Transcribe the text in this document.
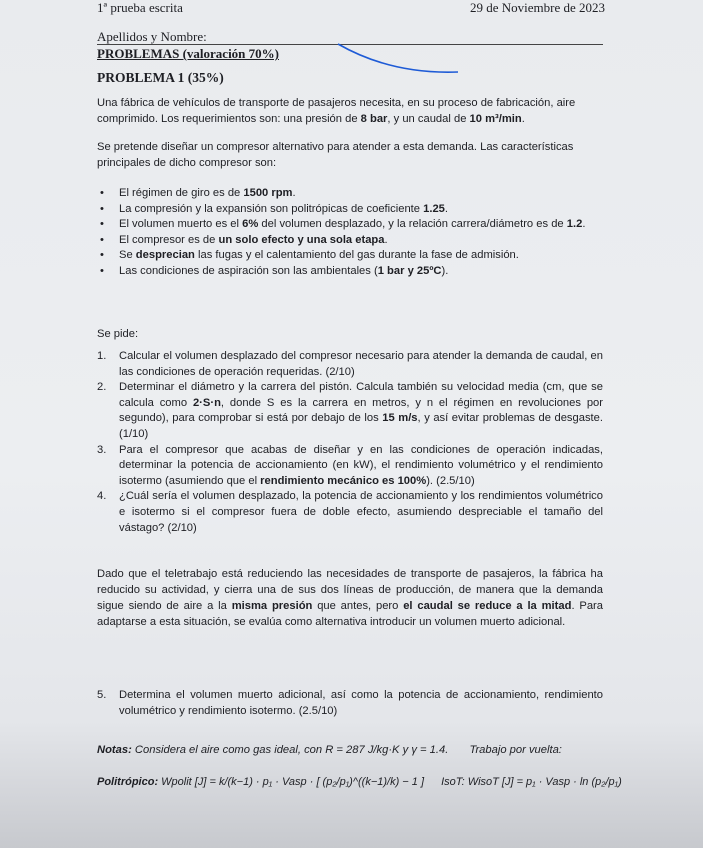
1ª prueba escrita	29 de Noviembre de 2023
Apellidos y Nombre:
PROBLEMAS (valoración 70%)
PROBLEMA 1 (35%)
Una fábrica de vehículos de transporte de pasajeros necesita, en su proceso de fabricación, aire comprimido. Los requerimientos son: una presión de 8 bar, y un caudal de 10 m³/min.
Se pretende diseñar un compresor alternativo para atender a esta demanda. Las características principales de dicho compresor son:
• El régimen de giro es de 1500 rpm.
• La compresión y la expansión son politrópicas de coeficiente 1.25.
• El volumen muerto es el 6% del volumen desplazado, y la relación carrera/diámetro es de 1.2.
• El compresor es de un solo efecto y una sola etapa.
• Se desprecian las fugas y el calentamiento del gas durante la fase de admisión.
• Las condiciones de aspiración son las ambientales (1 bar y 25ºC).
Se pide:
1. Calcular el volumen desplazado del compresor necesario para atender la demanda de caudal, en las condiciones de operación requeridas. (2/10)
2. Determinar el diámetro y la carrera del pistón. Calcula también su velocidad media (cm, que se calcula como 2·S·n, donde S es la carrera en metros, y n el régimen en revoluciones por segundo), para comprobar si está por debajo de los 15 m/s, y así evitar problemas de desgaste. (1/10)
3. Para el compresor que acabas de diseñar y en las condiciones de operación indicadas, determinar la potencia de accionamiento (en kW), el rendimiento volumétrico y el rendimiento isotermo (asumiendo que el rendimiento mecánico es 100%). (2.5/10)
4. ¿Cuál sería el volumen desplazado, la potencia de accionamiento y los rendimientos volumétrico e isotermo si el compresor fuera de doble efecto, asumiendo despreciable el tamaño del vástago? (2/10)
Dado que el teletrabajo está reduciendo las necesidades de transporte de pasajeros, la fábrica ha reducido su actividad, y cierra una de sus dos líneas de producción, de manera que la demanda sigue siendo de aire a la misma presión que antes, pero el caudal se reduce a la mitad. Para adaptarse a esta situación, se evalúa como alternativa introducir un volumen muerto adicional.
5. Determina el volumen muerto adicional, así como la potencia de accionamiento, rendimiento volumétrico y rendimiento isotermo. (2.5/10)
Notas: Considera el aire como gas ideal, con R = 287 J/kg·K y γ = 1.4. Trabajo por vuelta:
Politrópico: Wpolit [J] = k/(k−1) · p₁ · Vasp · [ (p₂/p₁)^((k−1)/k) − 1 ] IsoT: WisoT [J] = p₁ · Vasp · ln (p₂/p₁)
